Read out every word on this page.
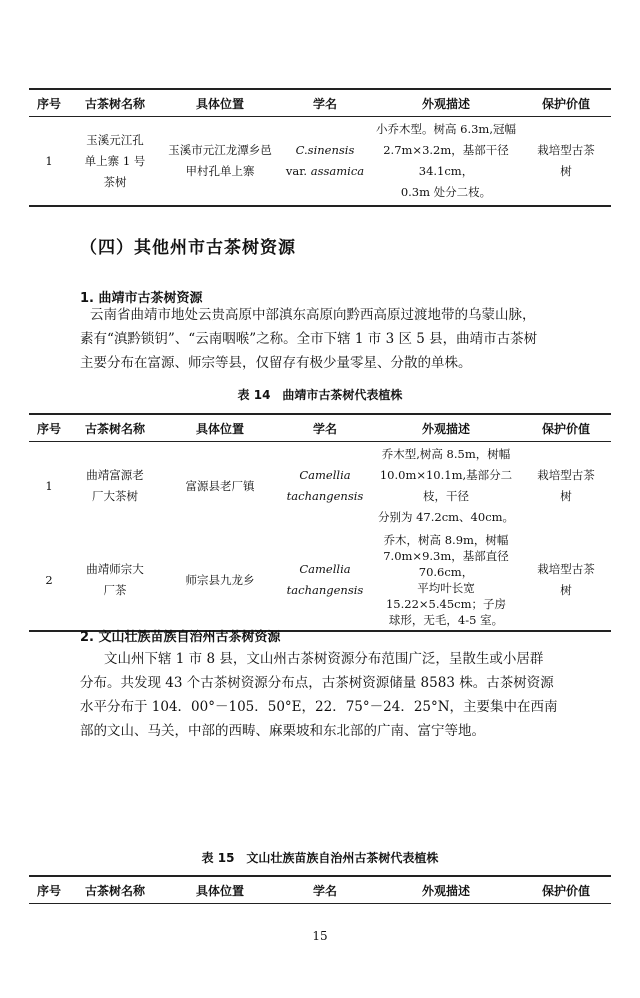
序号	古茶树名称	具体位置	学名	外观描述	保护价值
1	玉溪元江孔
单上寨 1 号
茶树	玉溪市元江龙潭乡邑
甲村孔单上寨	C.sinensis
var. assamica	小乔木型。树高 6.3m,冠幅
2.7m×3.2m，基部干径 34.1cm，
0.3m 处分二枝。	栽培型古茶
树
（四）其他州市古茶树资源
1. 曲靖市古茶树资源
云南省曲靖市地处云贵高原中部滇东高原向黔西高原过渡地带的乌蒙山脉，
素有“滇黔锁钥”、“云南咽喉”之称。全市下辖 1 市 3 区 5 县，曲靖市古茶树
主要分布在富源、师宗等县，仅留存有极少量零星、分散的单株。
表 14　曲靖市古茶树代表植株
序号	古茶树名称	具体位置	学名	外观描述	保护价值
1	曲靖富源老
厂大茶树	富源县老厂镇	Camellia
tachangensis	乔木型,树高 8.5m，树幅
10.0m×10.1m,基部分二枝，干径
分别为 47.2cm、40cm。	栽培型古茶
树

2	曲靖师宗大
厂茶	师宗县九龙乡	Camellia
tachangensis	乔木，树高 8.9m，树幅
7.0m×9.3m，基部直径 70.6cm，
平均叶长宽 15.22×5.45cm；子房
球形，无毛，4-5 室。	栽培型古茶
树
2. 文山壮族苗族自治州古茶树资源
文山州下辖 1 市 8 县，文山州古茶树资源分布范围广泛，呈散生或小居群
分布。共发现 43 个古茶树资源分布点，古茶树资源储量 8583 株。古茶树资源
水平分布于 104．00°－105．50°E，22．75°－24．25°N，主要集中在西南
部的文山、马关，中部的西畴、麻栗坡和东北部的广南、富宁等地。
表 15　文山壮族苗族自治州古茶树代表植株
序号	古茶树名称	具体位置	学名	外观描述	保护价值
15
